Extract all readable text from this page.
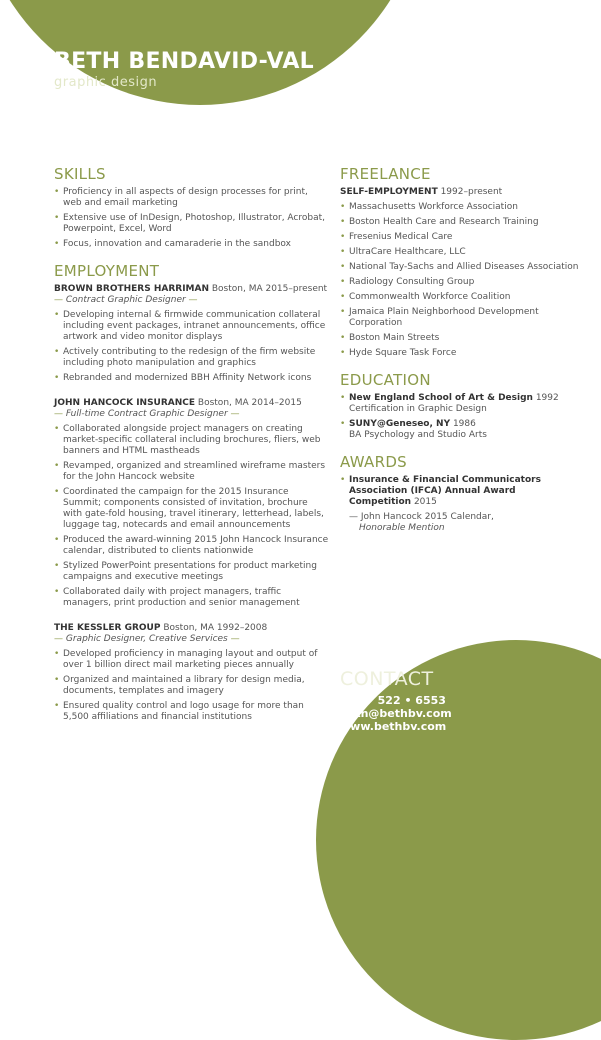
BETH BENDAVID-VAL
graphic design
SKILLS
• Proficiency in all aspects of design processes for print, web and email marketing
• Extensive use of InDesign, Photoshop, Illustrator, Acrobat, Powerpoint, Excel, Word
• Focus, innovation and camaraderie in the sandbox
EMPLOYMENT
BROWN BROTHERS HARRIMAN Boston, MA 2015–present
— Contract Graphic Designer —
• Developing internal & firmwide communication collateral including event packages, intranet announcements, office artwork and video monitor displays
• Actively contributing to the redesign of the firm website including photo manipulation and graphics
• Rebranded and modernized BBH Affinity Network icons
JOHN HANCOCK INSURANCE Boston, MA 2014–2015
— Full-time Contract Graphic Designer —
• Collaborated alongside project managers on creating market-specific collateral including brochures, fliers, web banners and HTML mastheads
• Revamped, organized and streamlined wireframe masters for the John Hancock website
• Coordinated the campaign for the 2015 Insurance Summit; components consisted of invitation, brochure with gate-fold housing, travel itinerary, letterhead, labels, luggage tag, notecards and email announcements
• Produced the award-winning 2015 John Hancock Insurance calendar, distributed to clients nationwide
• Stylized PowerPoint presentations for product marketing campaigns and executive meetings
• Collaborated daily with project managers, traffic managers, print production and senior management
THE KESSLER GROUP Boston, MA 1992–2008
— Graphic Designer, Creative Services —
• Developed proficiency in managing layout and output of over 1 billion direct mail marketing pieces annually
• Organized and maintained a library for design media, documents, templates and imagery
• Ensured quality control and logo usage for more than 5,500 affiliations and financial institutions
FREELANCE
SELF-EMPLOYMENT 1992–present
• Massachusetts Workforce Association
• Boston Health Care and Research Training
• Fresenius Medical Care
• UltraCare Healthcare, LLC
• National Tay-Sachs and Allied Diseases Association
• Radiology Consulting Group
• Commonwealth Workforce Coalition
• Jamaica Plain Neighborhood Development Corporation
• Boston Main Streets
• Hyde Square Task Force
EDUCATION
• New England School of Art & Design 1992
Certification in Graphic Design
• SUNY@Geneseo, NY 1986
BA Psychology and Studio Arts
AWARDS
• Insurance & Financial Communicators Association (IFCA) Annual Award Competition 2015
— John Hancock 2015 Calendar,
Honorable Mention
CONTACT
617 • 522 • 6553
beth@bethbv.com
www.bethbv.com
